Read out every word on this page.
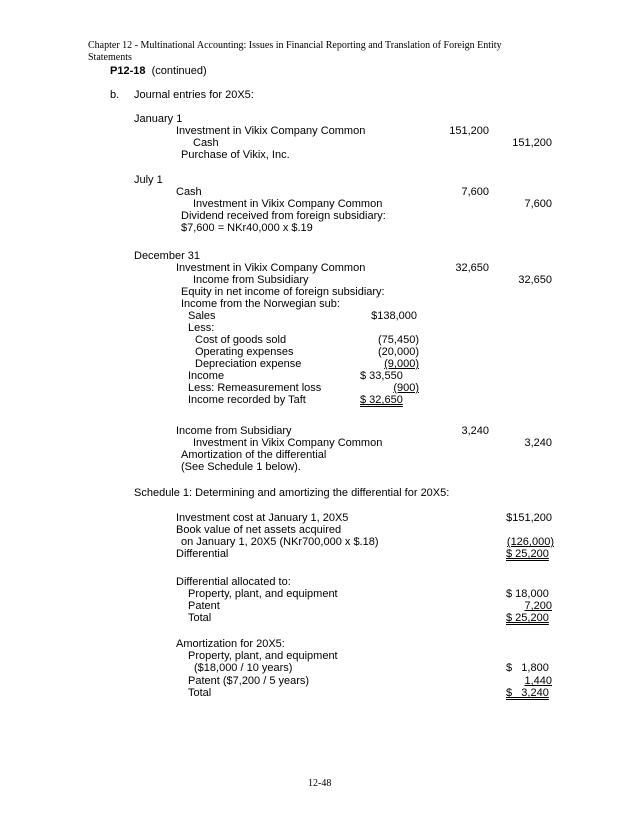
Chapter 12 - Multinational Accounting: Issues in Financial Reporting and Translation of Foreign Entity
Statements
P12-18 (continued)
b. Journal entries for 20X5:
January 1
Investment in Vikix Company Common	151,200
Cash	151,200
Purchase of Vikix, Inc.
July 1
Cash	7,600
Investment in Vikix Company Common	7,600
Dividend received from foreign subsidiary:
$7,600 = NKr40,000 x $.19
December 31
Investment in Vikix Company Common	32,650
Income from Subsidiary	32,650
Equity in net income of foreign subsidiary:
Income from the Norwegian sub:
Sales	$138,000
Less:
Cost of goods sold	(75,450)
Operating expenses	(20,000)
Depreciation expense	(9,000)
Income	$ 33,550
Less: Remeasurement loss	(900)
Income recorded by Taft	$ 32,650
Income from Subsidiary	3,240
Investment in Vikix Company Common	3,240
Amortization of the differential
(See Schedule 1 below).
Schedule 1: Determining and amortizing the differential for 20X5:
Investment cost at January 1, 20X5	$151,200
Book value of net assets acquired
on January 1, 20X5 (NKr700,000 x $.18)	(126,000)
Differential	$ 25,200
Differential allocated to:
Property, plant, and equipment	$ 18,000
Patent	7,200
Total	$ 25,200
Amortization for 20X5:
Property, plant, and equipment
($18,000 / 10 years)	$   1,800
Patent ($7,200 / 5 years)	1,440
Total	$   3,240
12-48
